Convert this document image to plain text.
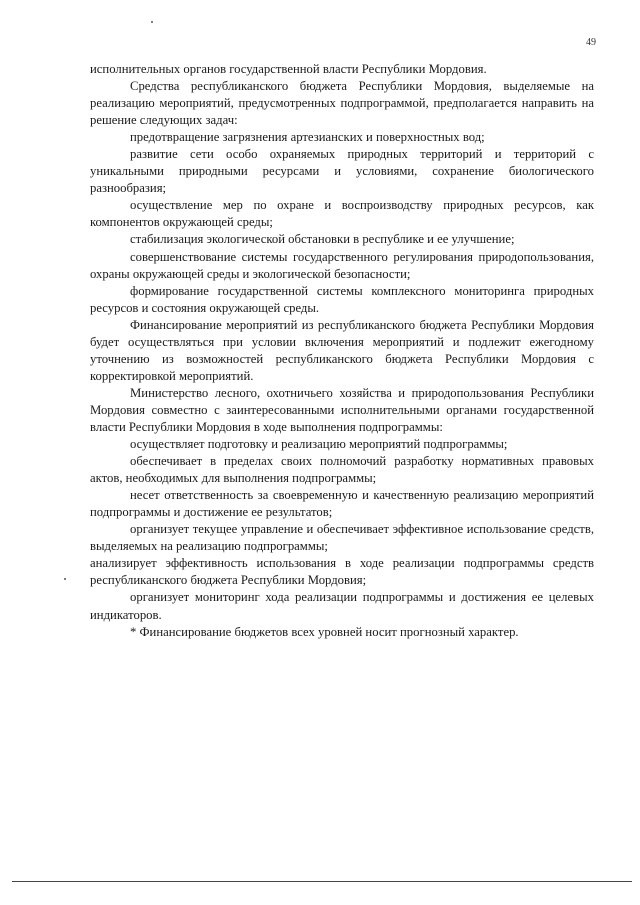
49

исполнительных органов государственной власти Республики Мордовия.

Средства республиканского бюджета Республики Мордовия, выделяемые на реализацию мероприятий, предусмотренных подпрограммой, предполагается направить на решение следующих задач:

предотвращение загрязнения артезианских и поверхностных вод;

развитие сети особо охраняемых природных территорий и территорий с уникальными природными ресурсами и условиями, сохранение биологического разнообразия;

осуществление мер по охране и воспроизводству природных ресурсов, как компонентов окружающей среды;

стабилизация экологической обстановки в республике и ее улучшение;

совершенствование системы государственного регулирования природопользования, охраны окружающей среды и экологической безопасности;

формирование государственной системы комплексного мониторинга природных ресурсов и состояния окружающей среды.

Финансирование мероприятий из республиканского бюджета Республики Мордовия будет осуществляться при условии включения мероприятий и подлежит ежегодному уточнению из возможностей республиканского бюджета Республики Мордовия с корректировкой мероприятий.

Министерство лесного, охотничьего хозяйства и природопользования Республики Мордовия совместно с заинтересованными исполнительными органами государственной власти Республики Мордовия в ходе выполнения подпрограммы:

осуществляет подготовку и реализацию мероприятий подпрограммы;

обеспечивает в пределах своих полномочий разработку нормативных правовых актов, необходимых для выполнения подпрограммы;

несет ответственность за своевременную и качественную реализацию мероприятий подпрограммы и достижение ее результатов;

организует текущее управление и обеспечивает эффективное использование средств, выделяемых на реализацию подпрограммы;

анализирует эффективность использования в ходе реализации подпрограммы средств республиканского бюджета Республики Мордовия;

организует мониторинг хода реализации подпрограммы и достижения ее целевых индикаторов.

* Финансирование бюджетов всех уровней носит прогнозный характер.
